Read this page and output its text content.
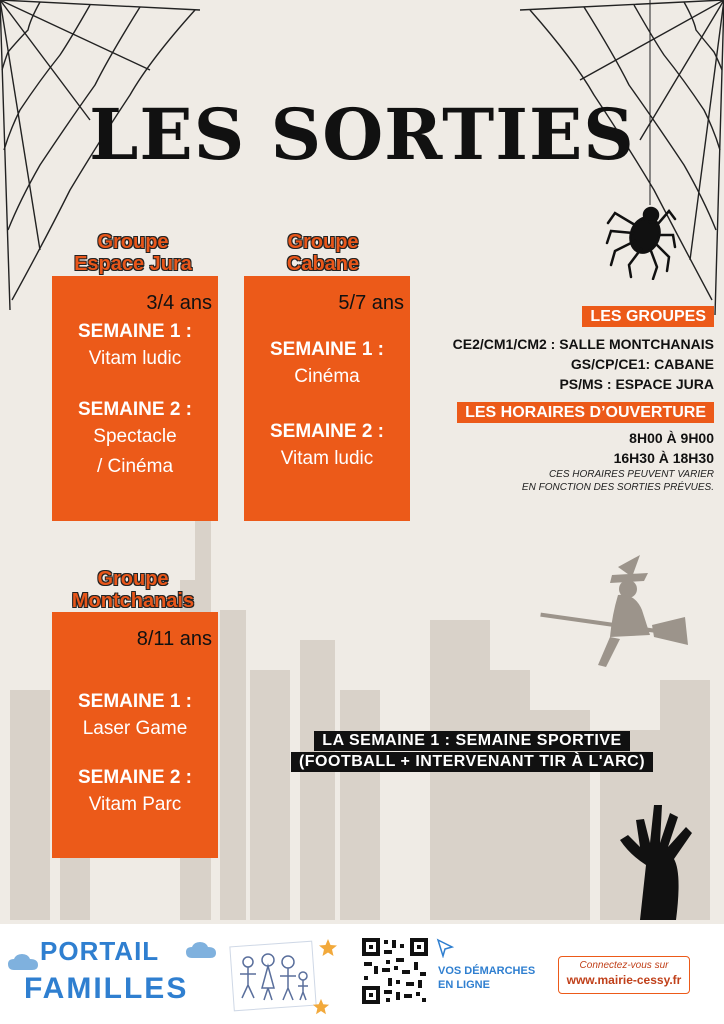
LES SORTIES
Groupe
Espace Jura
3/4 ans
SEMAINE 1 :
Vitam ludic
SEMAINE 2 :
Spectacle
/ Cinéma
Groupe
Cabane
5/7 ans
SEMAINE 1 :
Cinéma
SEMAINE 2 :
Vitam ludic
Groupe
Montchanais
8/11 ans
SEMAINE 1 :
Laser Game
SEMAINE 2 :
Vitam Parc
LES GROUPES
CE2/CM1/CM2 : SALLE MONTCHANAIS
GS/CP/CE1: CABANE
PS/MS : ESPACE JURA
LES HORAIRES D’OUVERTURE
8H00 À 9H00
16H30 À 18H30
CES HORAIRES PEUVENT VARIER
EN FONCTION DES SORTIES PRÉVUES.
LA SEMAINE 1 : SEMAINE SPORTIVE
(FOOTBALL + INTERVENANT TIR À L'ARC)
PORTAIL
FAMILLES
VOS DÉMARCHES
EN LIGNE
Connectez-vous sur
www.mairie-cessy.fr
